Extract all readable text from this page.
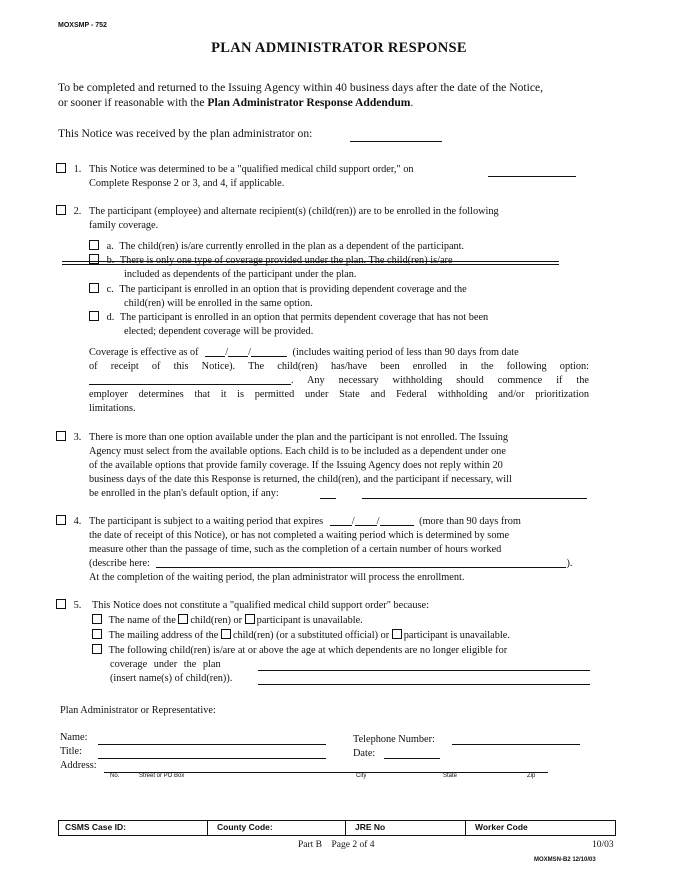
MOXSMP - 752
PLAN ADMINISTRATOR RESPONSE
To be completed and returned to the Issuing Agency within 40 business days after the date of the Notice,
or sooner if reasonable with the Plan Administrator Response Addendum.
This Notice was received by the plan administrator on:
1. This Notice was determined to be a "qualified medical child support order," on
Complete Response 2 or 3, and 4, if applicable.
2. The participant (employee) and alternate recipient(s) (child(ren)) are to be enrolled in the following
family coverage.
a. The child(ren) is/are currently enrolled in the plan as a dependent of the participant.
b. There is only one type of coverage provided under the plan. The child(ren) is/are
included as dependents of the participant under the plan.
c. The participant is enrolled in an option that is providing dependent coverage and the
child(ren) will be enrolled in the same option.
d. The participant is enrolled in an option that permits dependent coverage that has not been
elected; dependent coverage will be provided.
Coverage is effective as of	/ /	(includes waiting period of less than 90 days from date
of receipt of this Notice). The child(ren) has/have been enrolled in the following option:
. Any necessary withholding should commence if the
employer determines that it is permitted under State and Federal withholding and/or prioritization
limitations.
3. There is more than one option available under the plan and the participant is not enrolled. The Issuing
Agency must select from the available options. Each child is to be included as a dependent under one
of the available options that provide family coverage. If the Issuing Agency does not reply within 20
business days of the date this Response is returned, the child(ren), and the participant if necessary, will
be enrolled in the plan's default option, if any:
4. The participant is subject to a waiting period that expires	/ /	(more than 90 days from
the date of receipt of this Notice), or has not completed a waiting period which is determined by some
measure other than the passage of time, such as the completion of a certain number of hours worked
(describe here:	).
At the completion of the waiting period, the plan administrator will process the enrollment.
5. This Notice does not constitute a "qualified medical child support order" because:
The name of the child(ren) or participant is unavailable.
The mailing address of the child(ren) (or a substituted official) or participant is unavailable.
The following child(ren) is/are at or above the age at which dependents are no longer eligible for
coverage under the plan
(insert name(s) of child(ren)).
Plan Administrator or Representative:
Name:
Title:
Address:
Telephone Number:
Date:
No.	Street or PO Box	City	State	Zip
CSMS Case ID:	County Code:	JRE No	Worker Code
Part B    Page 2 of 4	10/03
MOXMSN-B2 12/10/03
